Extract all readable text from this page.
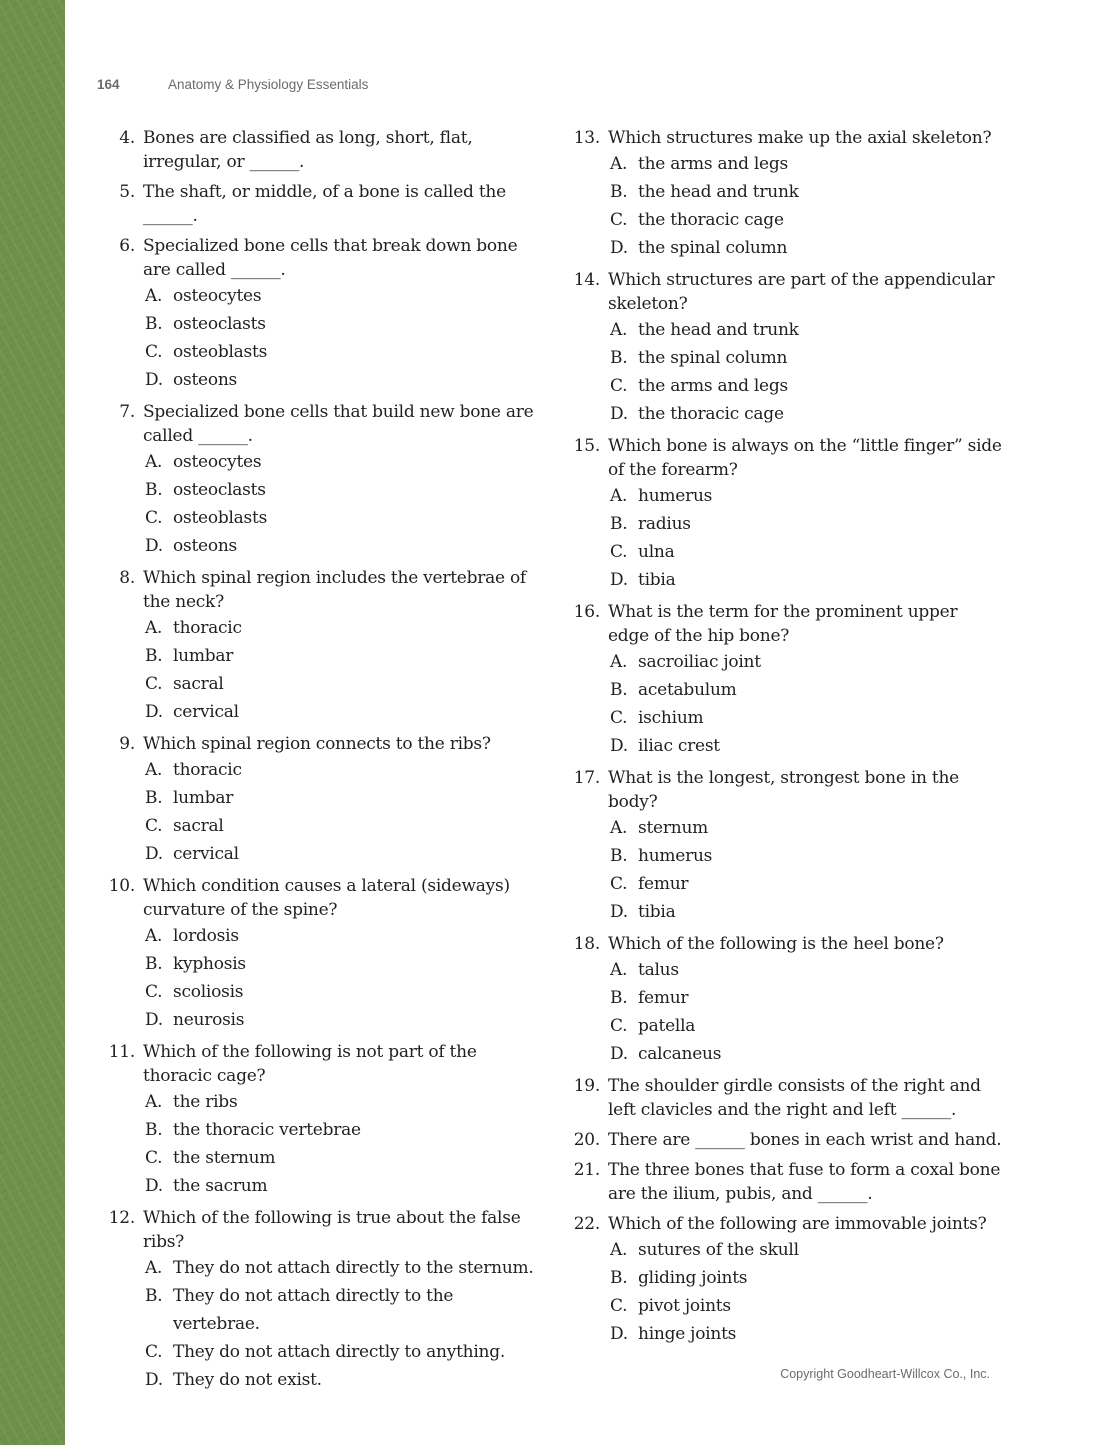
164	Anatomy & Physiology Essentials
4. Bones are classified as long, short, flat, irregular, or ______.
5. The shaft, or middle, of a bone is called the ______.
6. Specialized bone cells that break down bone are called ______.
A. osteocytes
B. osteoclasts
C. osteoblasts
D. osteons
7. Specialized bone cells that build new bone are called ______.
A. osteocytes
B. osteoclasts
C. osteoblasts
D. osteons
8. Which spinal region includes the vertebrae of the neck?
A. thoracic
B. lumbar
C. sacral
D. cervical
9. Which spinal region connects to the ribs?
A. thoracic
B. lumbar
C. sacral
D. cervical
10. Which condition causes a lateral (sideways) curvature of the spine?
A. lordosis
B. kyphosis
C. scoliosis
D. neurosis
11. Which of the following is not part of the thoracic cage?
A. the ribs
B. the thoracic vertebrae
C. the sternum
D. the sacrum
12. Which of the following is true about the false ribs?
A. They do not attach directly to the sternum.
B. They do not attach directly to the vertebrae.
C. They do not attach directly to anything.
D. They do not exist.
13. Which structures make up the axial skeleton?
A. the arms and legs
B. the head and trunk
C. the thoracic cage
D. the spinal column
14. Which structures are part of the appendicular skeleton?
A. the head and trunk
B. the spinal column
C. the arms and legs
D. the thoracic cage
15. Which bone is always on the “little finger” side of the forearm?
A. humerus
B. radius
C. ulna
D. tibia
16. What is the term for the prominent upper edge of the hip bone?
A. sacroiliac joint
B. acetabulum
C. ischium
D. iliac crest
17. What is the longest, strongest bone in the body?
A. sternum
B. humerus
C. femur
D. tibia
18. Which of the following is the heel bone?
A. talus
B. femur
C. patella
D. calcaneus
19. The shoulder girdle consists of the right and left clavicles and the right and left ______.
20. There are ______ bones in each wrist and hand.
21. The three bones that fuse to form a coxal bone are the ilium, pubis, and ______.
22. Which of the following are immovable joints?
A. sutures of the skull
B. gliding joints
C. pivot joints
D. hinge joints
Copyright Goodheart-Willcox Co., Inc.
